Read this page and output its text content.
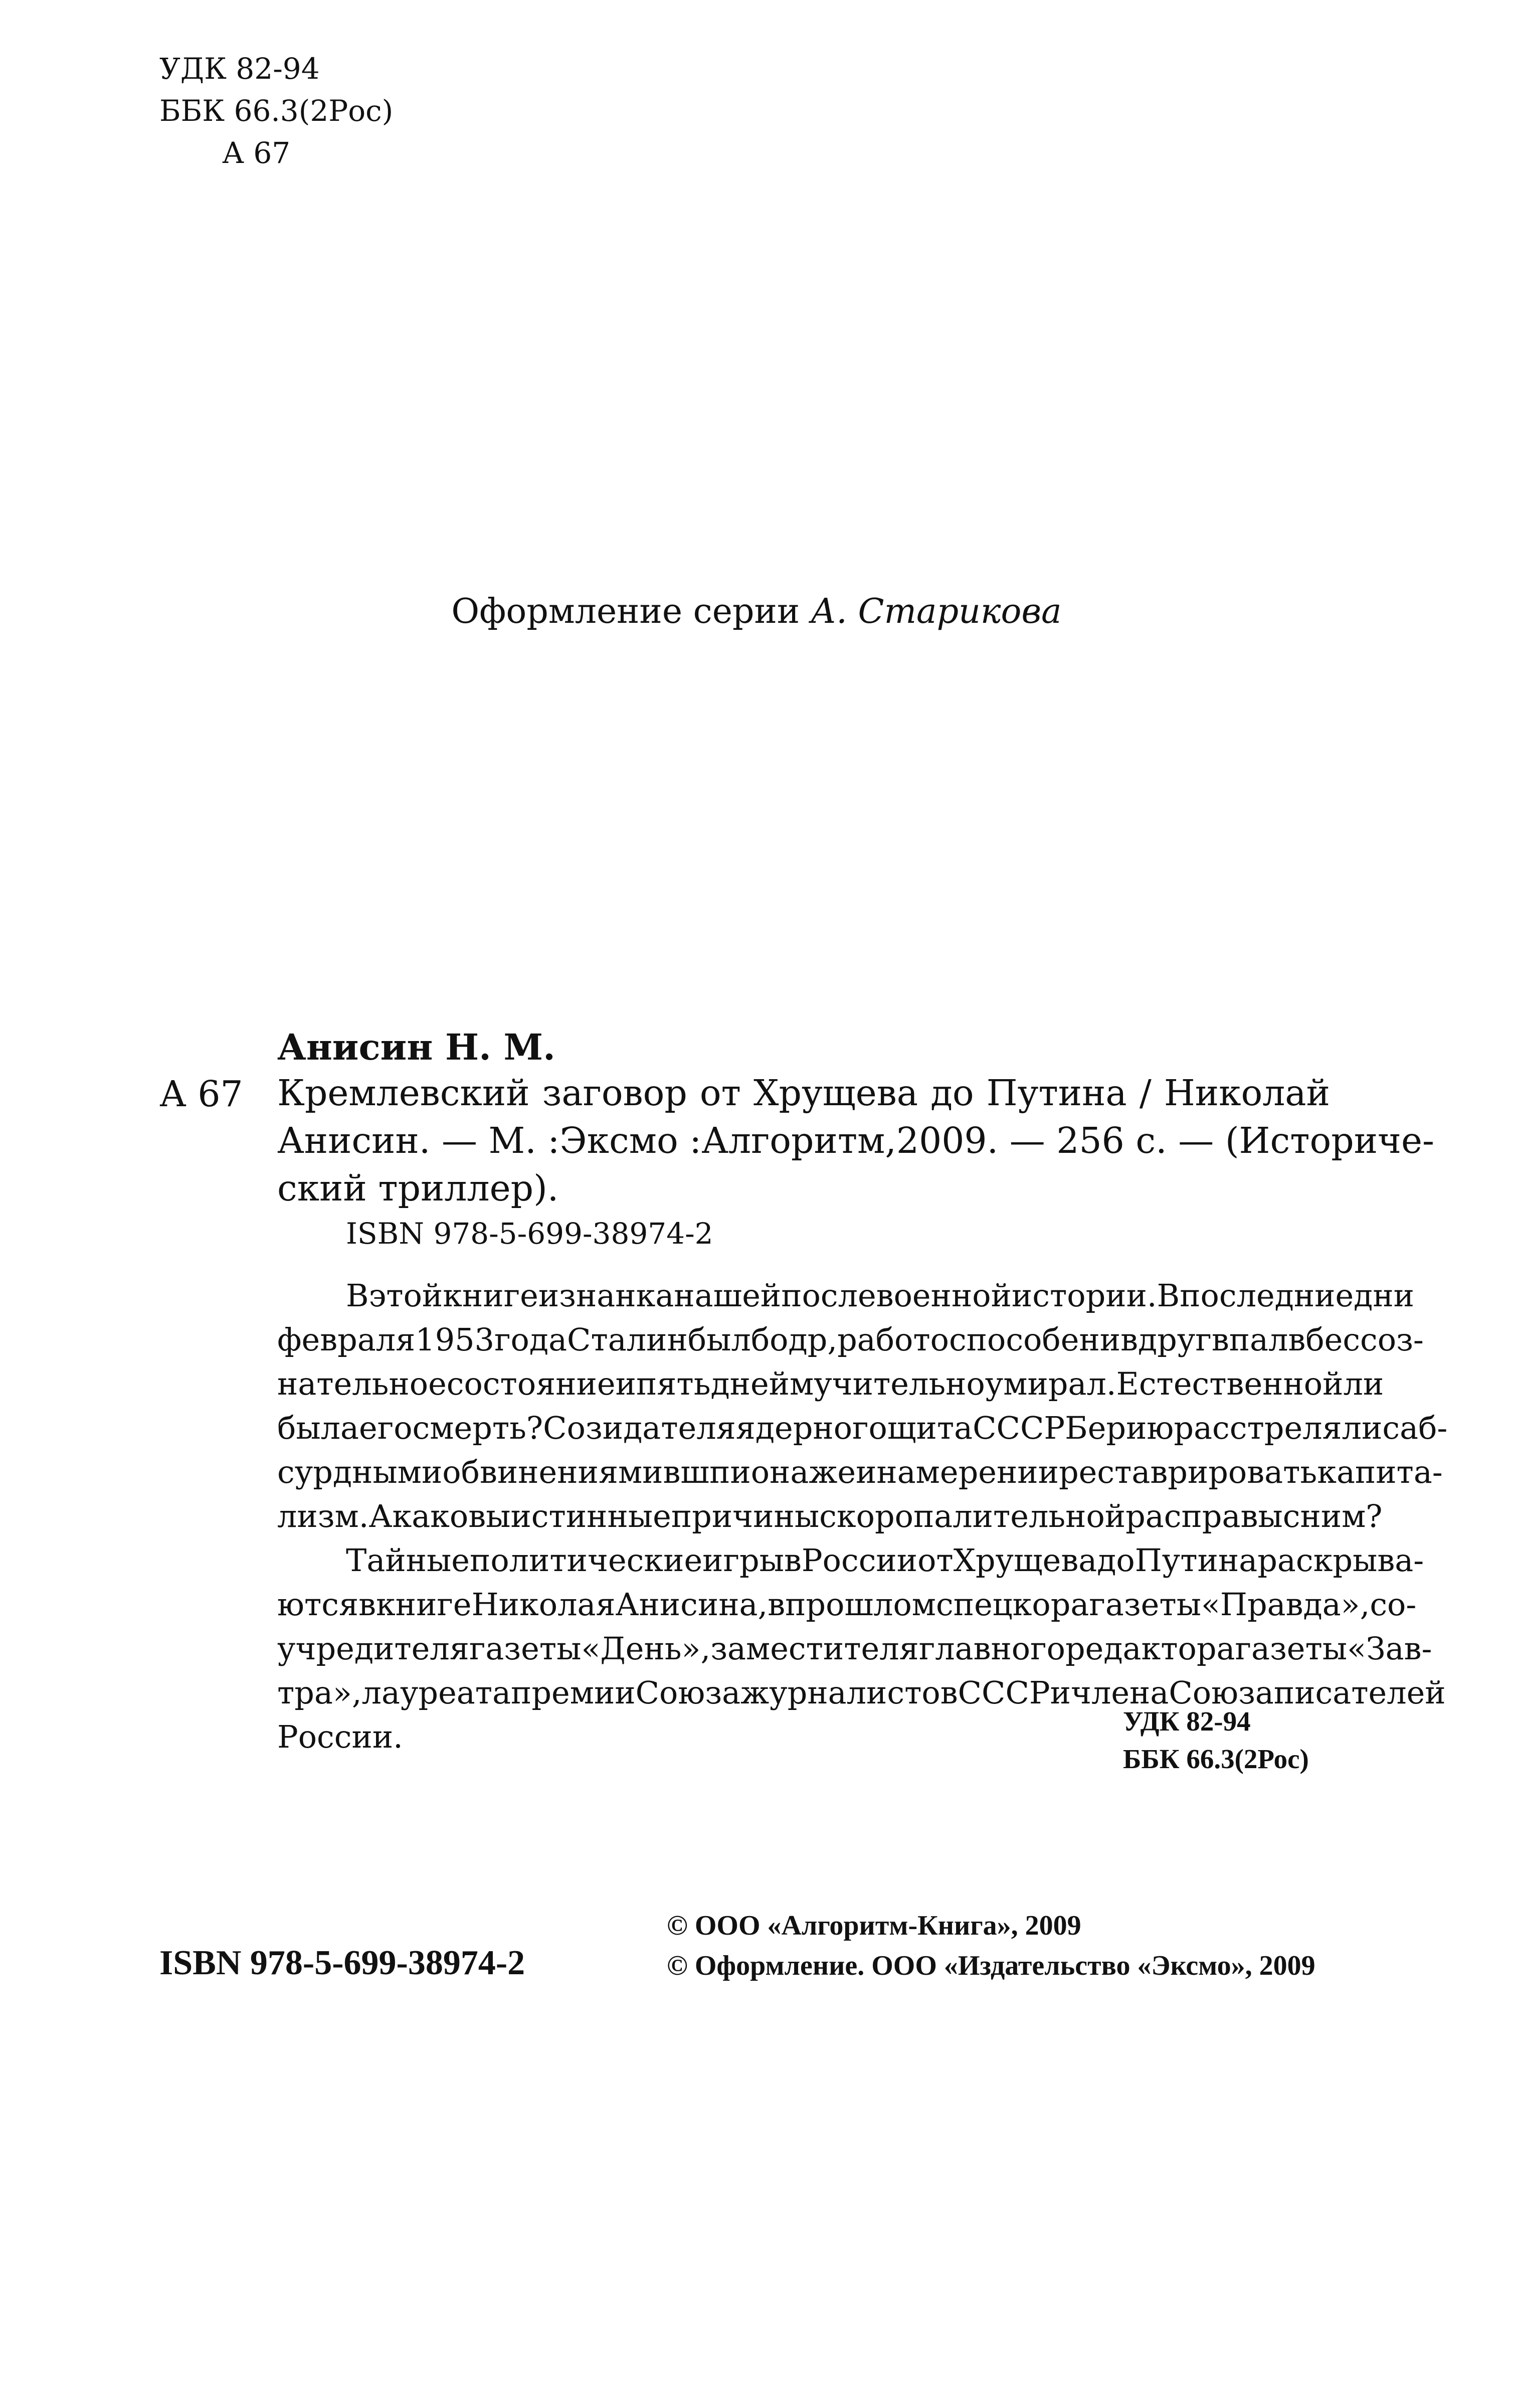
УДК 82-94
ББК 66.3(2Рос)
А 67
Оформление серии А. Старикова
Анисин Н. М.
А 67 Кремлевский заговор от Хрущева до Путина / Николай
Анисин. — М. : Эксмо : Алгоритм, 2009. — 256 с. — (Историче-
ский триллер).
ISBN 978-5-699-38974-2
В этой книге изнанка нашей послевоенной истории. В последние дни
февраля 1953 года Сталин был бодр, работоспособен и вдруг впал в бессоз-
нательное состояние и пять дней мучительно умирал. Естественной ли
была его смерть? Созидателя ядерного щита СССР Берию расстреляли с аб-
сурдными обвинениями в шпионаже и намерении реставрировать капита-
лизм. А каковы истинные причины скоропалительной расправы с ним?
Тайные политические игры в России от Хрущева до Путина раскрыва-
ются в книге Николая Анисина, в прошлом спецкора газеты «Правда», со-
учредителя газеты «День», заместителя главного редактора газеты «Зав-
тра», лауреата премии Союза журналистов СССР и члена Союза писателей
России.	УДК 82-94
ББК 66.3(2Рос)
ISBN 978-5-699-38974-2
© ООО «Алгоритм-Книга», 2009
© Оформление. ООО «Издательство «Эксмо», 2009
